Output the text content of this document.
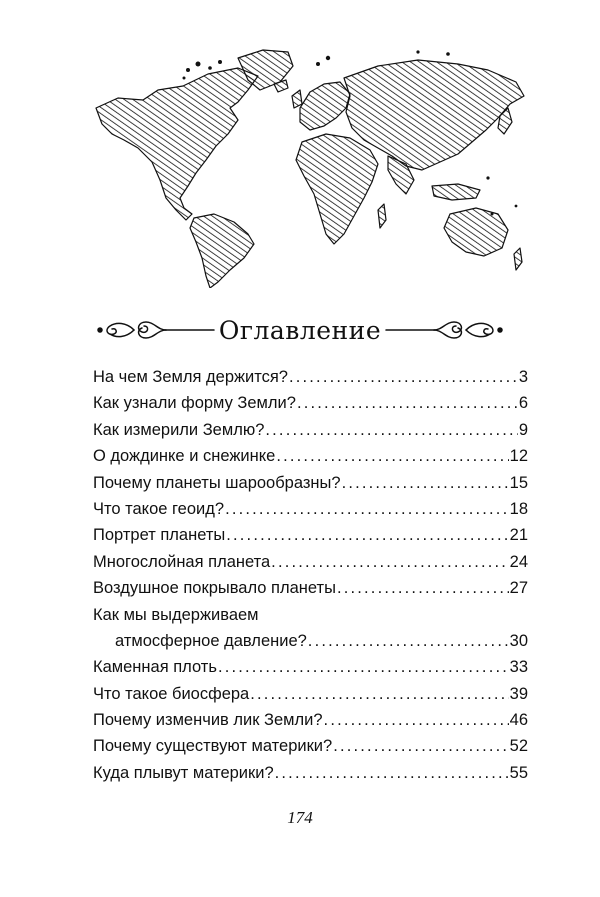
Оглавление
На чем Земля держится? . . .	3
Как узнали форму Земли? . . .	6
Как измерили Землю? . . .	9
О дождинке и снежинке . . .	12
Почему планеты шарообразны? . . .	15
Что такое геоид? . . .	18
Портрет планеты . . .	21
Многослойная планета . . .	24
Воздушное покрывало планеты . . .	27
Как мы выдерживаем
атмосферное давление? . . .	30
Каменная плоть . . .	33
Что такое биосфера . . .	39
Почему изменчив лик Земли? . . .	46
Почему существуют материки? . . .	52
Куда плывут материки? . . .	55
174
